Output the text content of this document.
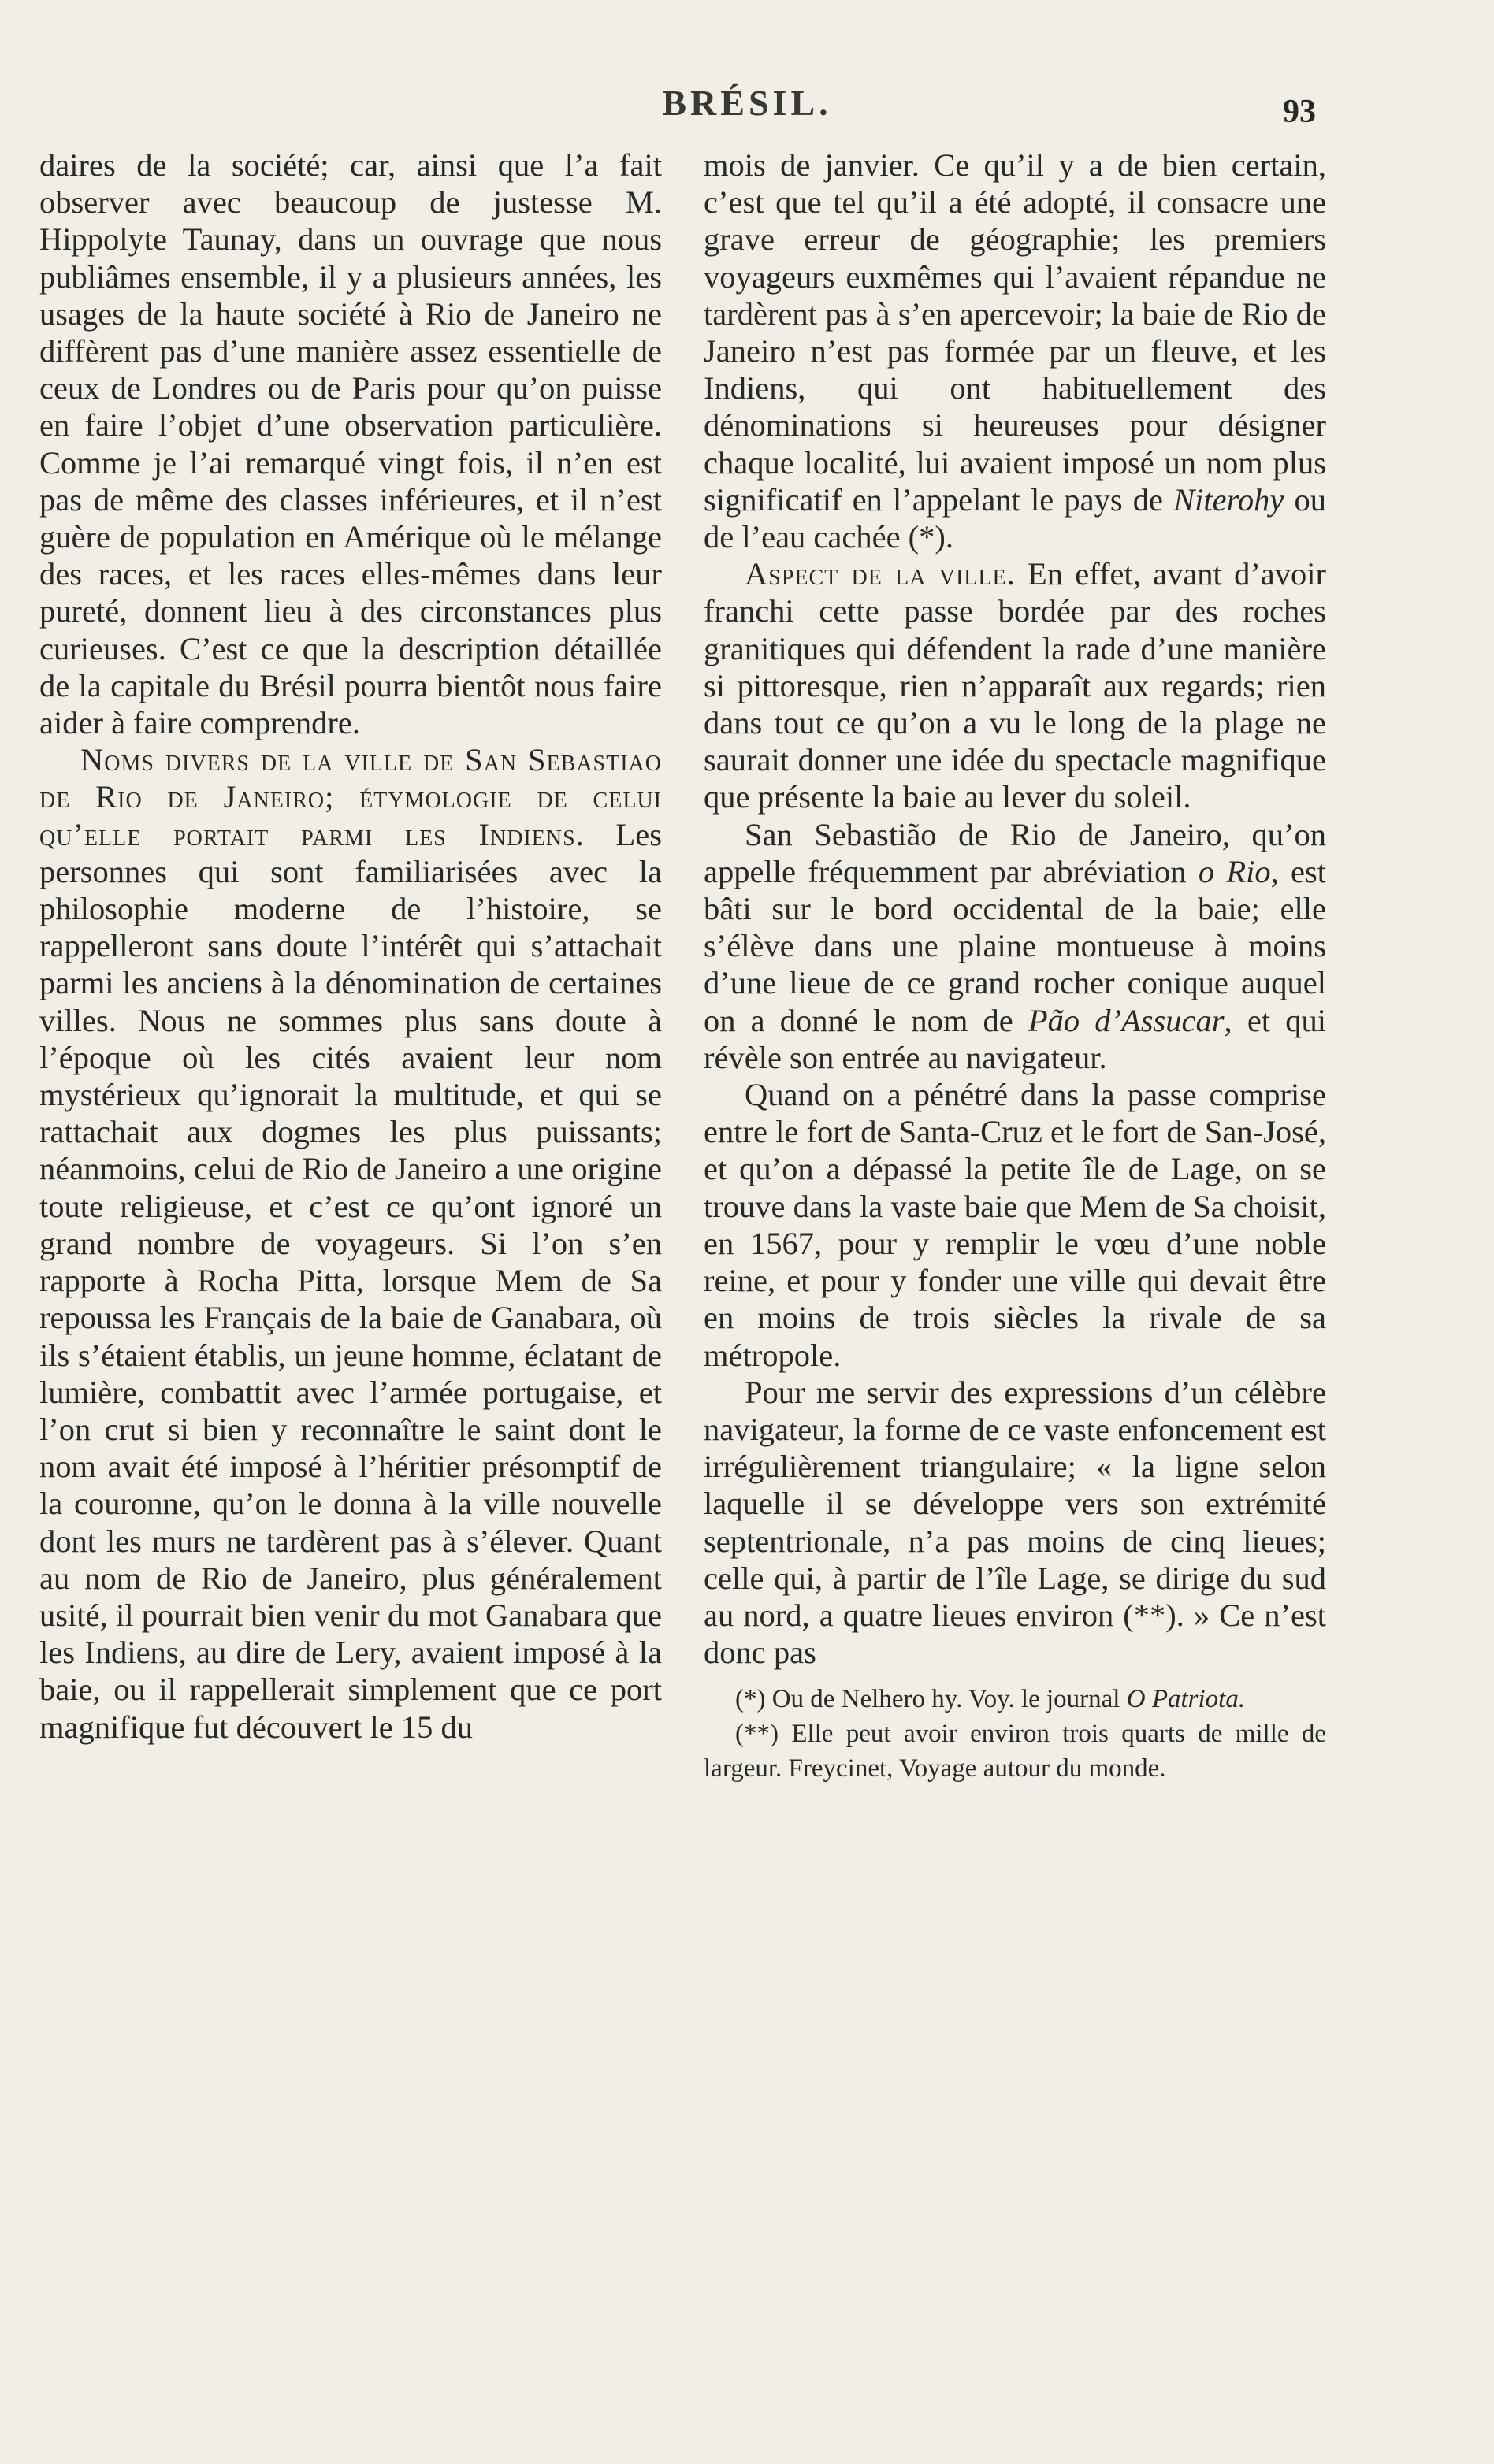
BRÉSIL.	93

daires de la société; car, ainsi que l’a fait observer avec beaucoup de justesse M. Hippolyte Taunay, dans un ouvrage que nous publiâmes ensemble, il y a plusieurs années, les usages de la haute société à Rio de Janeiro ne diffèrent pas d’une manière assez essentielle de ceux de Londres ou de Paris pour qu’on puisse en faire l’objet d’une observation particulière. Comme je l’ai remarqué vingt fois, il n’en est pas de même des classes inférieures, et il n’est guère de population en Amérique où le mélange des races, et les races elles-mêmes dans leur pureté, donnent lieu à des circonstances plus curieuses. C’est ce que la description détaillée de la capitale du Brésil pourra bientôt nous faire aider à faire comprendre.

Noms divers de la ville de San Sebastiao de Rio de Janeiro; étymologie de celui qu’elle portait parmi les Indiens. Les personnes qui sont familiarisées avec la philosophie moderne de l’histoire, se rappelleront sans doute l’intérêt qui s’attachait parmi les anciens à la dénomination de certaines villes. Nous ne sommes plus sans doute à l’époque où les cités avaient leur nom mystérieux qu’ignorait la multitude, et qui se rattachait aux dogmes les plus puissants; néanmoins, celui de Rio de Janeiro a une origine toute religieuse, et c’est ce qu’ont ignoré un grand nombre de voyageurs. Si l’on s’en rapporte à Rocha Pitta, lorsque Mem de Sa repoussa les Français de la baie de Ganabara, où ils s’étaient établis, un jeune homme, éclatant de lumière, combattit avec l’armée portugaise, et l’on crut si bien y reconnaître le saint dont le nom avait été imposé à l’héritier présomptif de la couronne, qu’on le donna à la ville nouvelle dont les murs ne tardèrent pas à s’élever. Quant au nom de Rio de Janeiro, plus généralement usité, il pourrait bien venir du mot Ganabara que les Indiens, au dire de Lery, avaient imposé à la baie, ou il rappellerait simplement que ce port magnifique fut découvert le 15 du

mois de janvier. Ce qu’il y a de bien certain, c’est que tel qu’il a été adopté, il consacre une grave erreur de géographie; les premiers voyageurs euxmêmes qui l’avaient répandue ne tardèrent pas à s’en apercevoir; la baie de Rio de Janeiro n’est pas formée par un fleuve, et les Indiens, qui ont habituellement des dénominations si heureuses pour désigner chaque localité, lui avaient imposé un nom plus significatif en l’appelant le pays de Niterohy ou de l’eau cachée (*).

Aspect de la ville. En effet, avant d’avoir franchi cette passe bordée par des roches granitiques qui défendent la rade d’une manière si pittoresque, rien n’apparaît aux regards; rien dans tout ce qu’on a vu le long de la plage ne saurait donner une idée du spectacle magnifique que présente la baie au lever du soleil.

San Sebastião de Rio de Janeiro, qu’on appelle fréquemment par abréviation o Rio, est bâti sur le bord occidental de la baie; elle s’élève dans une plaine montueuse à moins d’une lieue de ce grand rocher conique auquel on a donné le nom de Pão d’Assucar, et qui révèle son entrée au navigateur.

Quand on a pénétré dans la passe comprise entre le fort de Santa-Cruz et le fort de San-José, et qu’on a dépassé la petite île de Lage, on se trouve dans la vaste baie que Mem de Sa choisit, en 1567, pour y remplir le vœu d’une noble reine, et pour y fonder une ville qui devait être en moins de trois siècles la rivale de sa métropole.

Pour me servir des expressions d’un célèbre navigateur, la forme de ce vaste enfoncement est irrégulièrement triangulaire; « la ligne selon laquelle il se développe vers son extrémité septentrionale, n’a pas moins de cinq lieues; celle qui, à partir de l’île Lage, se dirige du sud au nord, a quatre lieues environ (**). » Ce n’est donc pas

(*) Ou de Nelhero hy. Voy. le journal O Patriota.

(**) Elle peut avoir environ trois quarts de mille de largeur. Freycinet, Voyage autour du monde.
